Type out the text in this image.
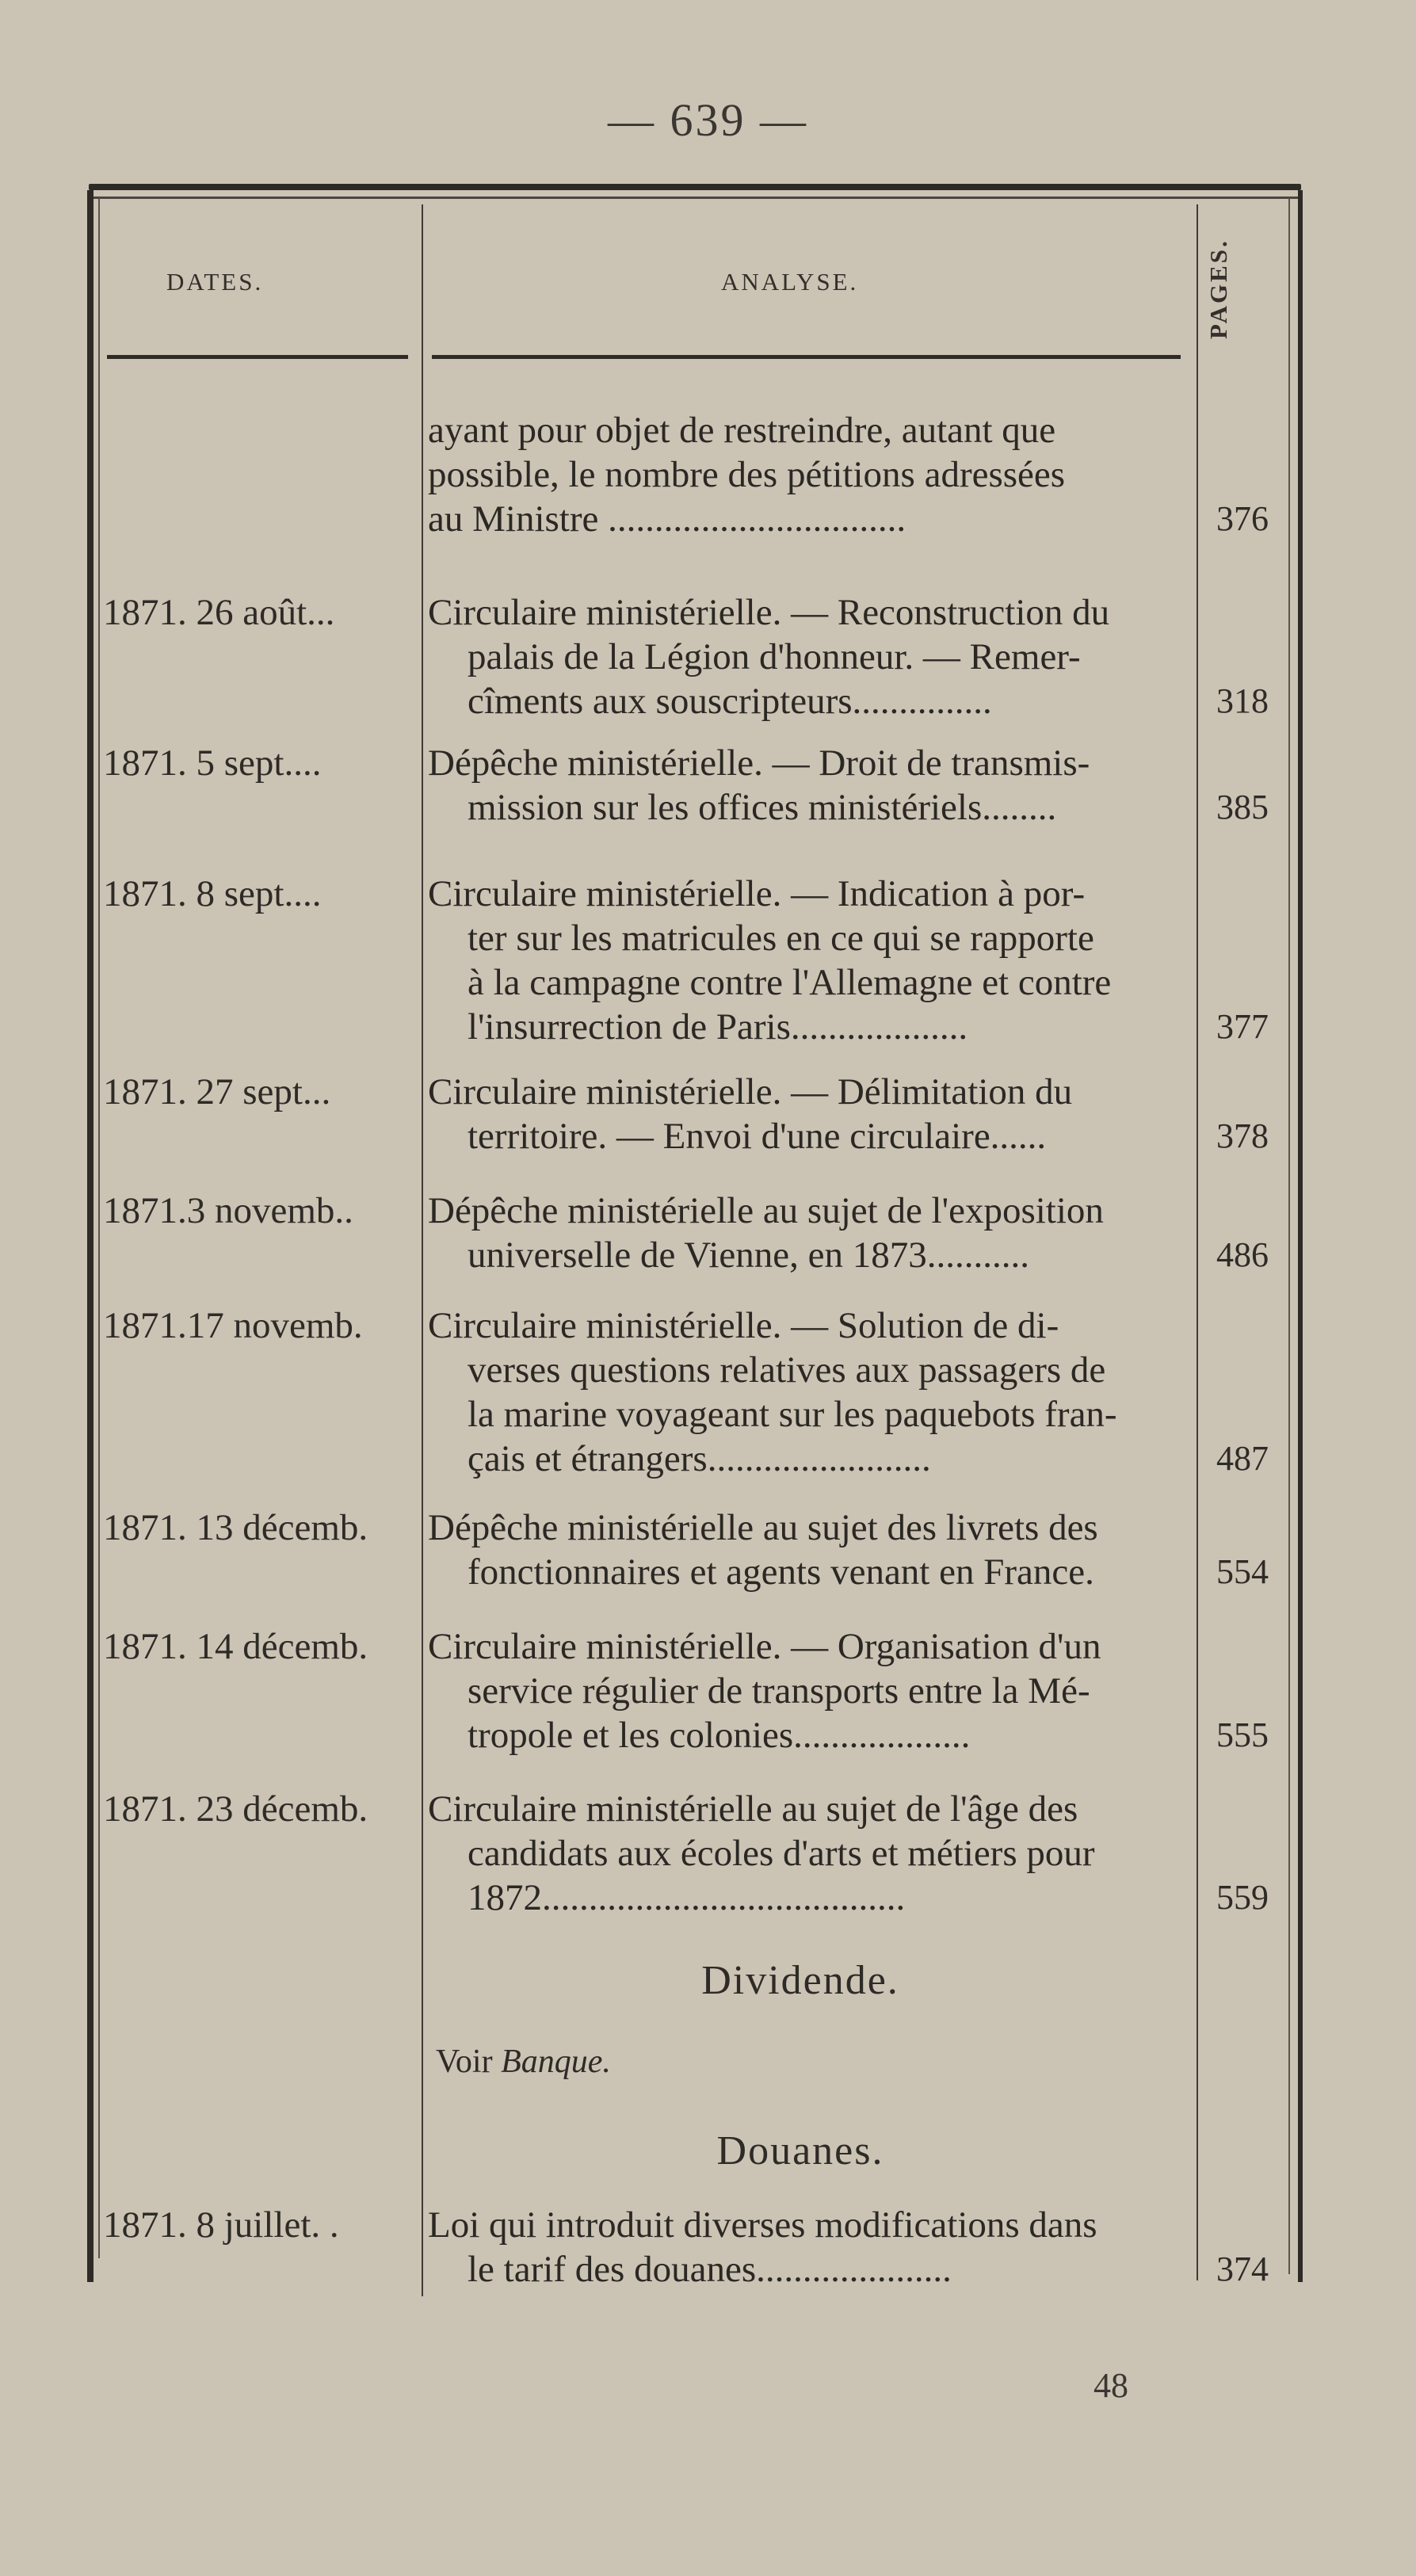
— 639 —
DATES.	ANALYSE.	PAGES.
ayant pour objet de restreindre, autant que
possible, le nombre des pétitions adressées
au Ministre ................................	376
1871. 26 août...	Circulaire ministérielle. — Reconstruction du
palais de la Légion d'honneur. — Remer-
cîments aux souscripteurs...............	318
1871. 5 sept....	Dépêche ministérielle. — Droit de transmis-
mission sur les offices ministériels........	385
1871. 8 sept....	Circulaire ministérielle. — Indication à por-
ter sur les matricules en ce qui se rapporte
à la campagne contre l'Allemagne et contre
l'insurrection de Paris...................	377
1871. 27 sept...	Circulaire ministérielle. — Délimitation du
territoire. — Envoi d'une circulaire......	378
1871.3 novemb..	Dépêche ministérielle au sujet de l'exposition
universelle de Vienne, en 1873...........	486
1871.17 novemb.	Circulaire ministérielle. — Solution de di-
verses questions relatives aux passagers de
la marine voyageant sur les paquebots fran-
çais et étrangers........................	487
1871. 13 décemb.	Dépêche ministérielle au sujet des livrets des
fonctionnaires et agents venant en France.	554
1871. 14 décemb.	Circulaire ministérielle. — Organisation d'un
service régulier de transports entre la Mé-
tropole et les colonies...................	555
1871. 23 décemb.	Circulaire ministérielle au sujet de l'âge des
candidats aux écoles d'arts et métiers pour
1872.......................................	559
Dividende.
Voir Banque.
Douanes.
1871. 8 juillet. .	Loi qui introduit diverses modifications dans
le tarif des douanes.....................	374
48
